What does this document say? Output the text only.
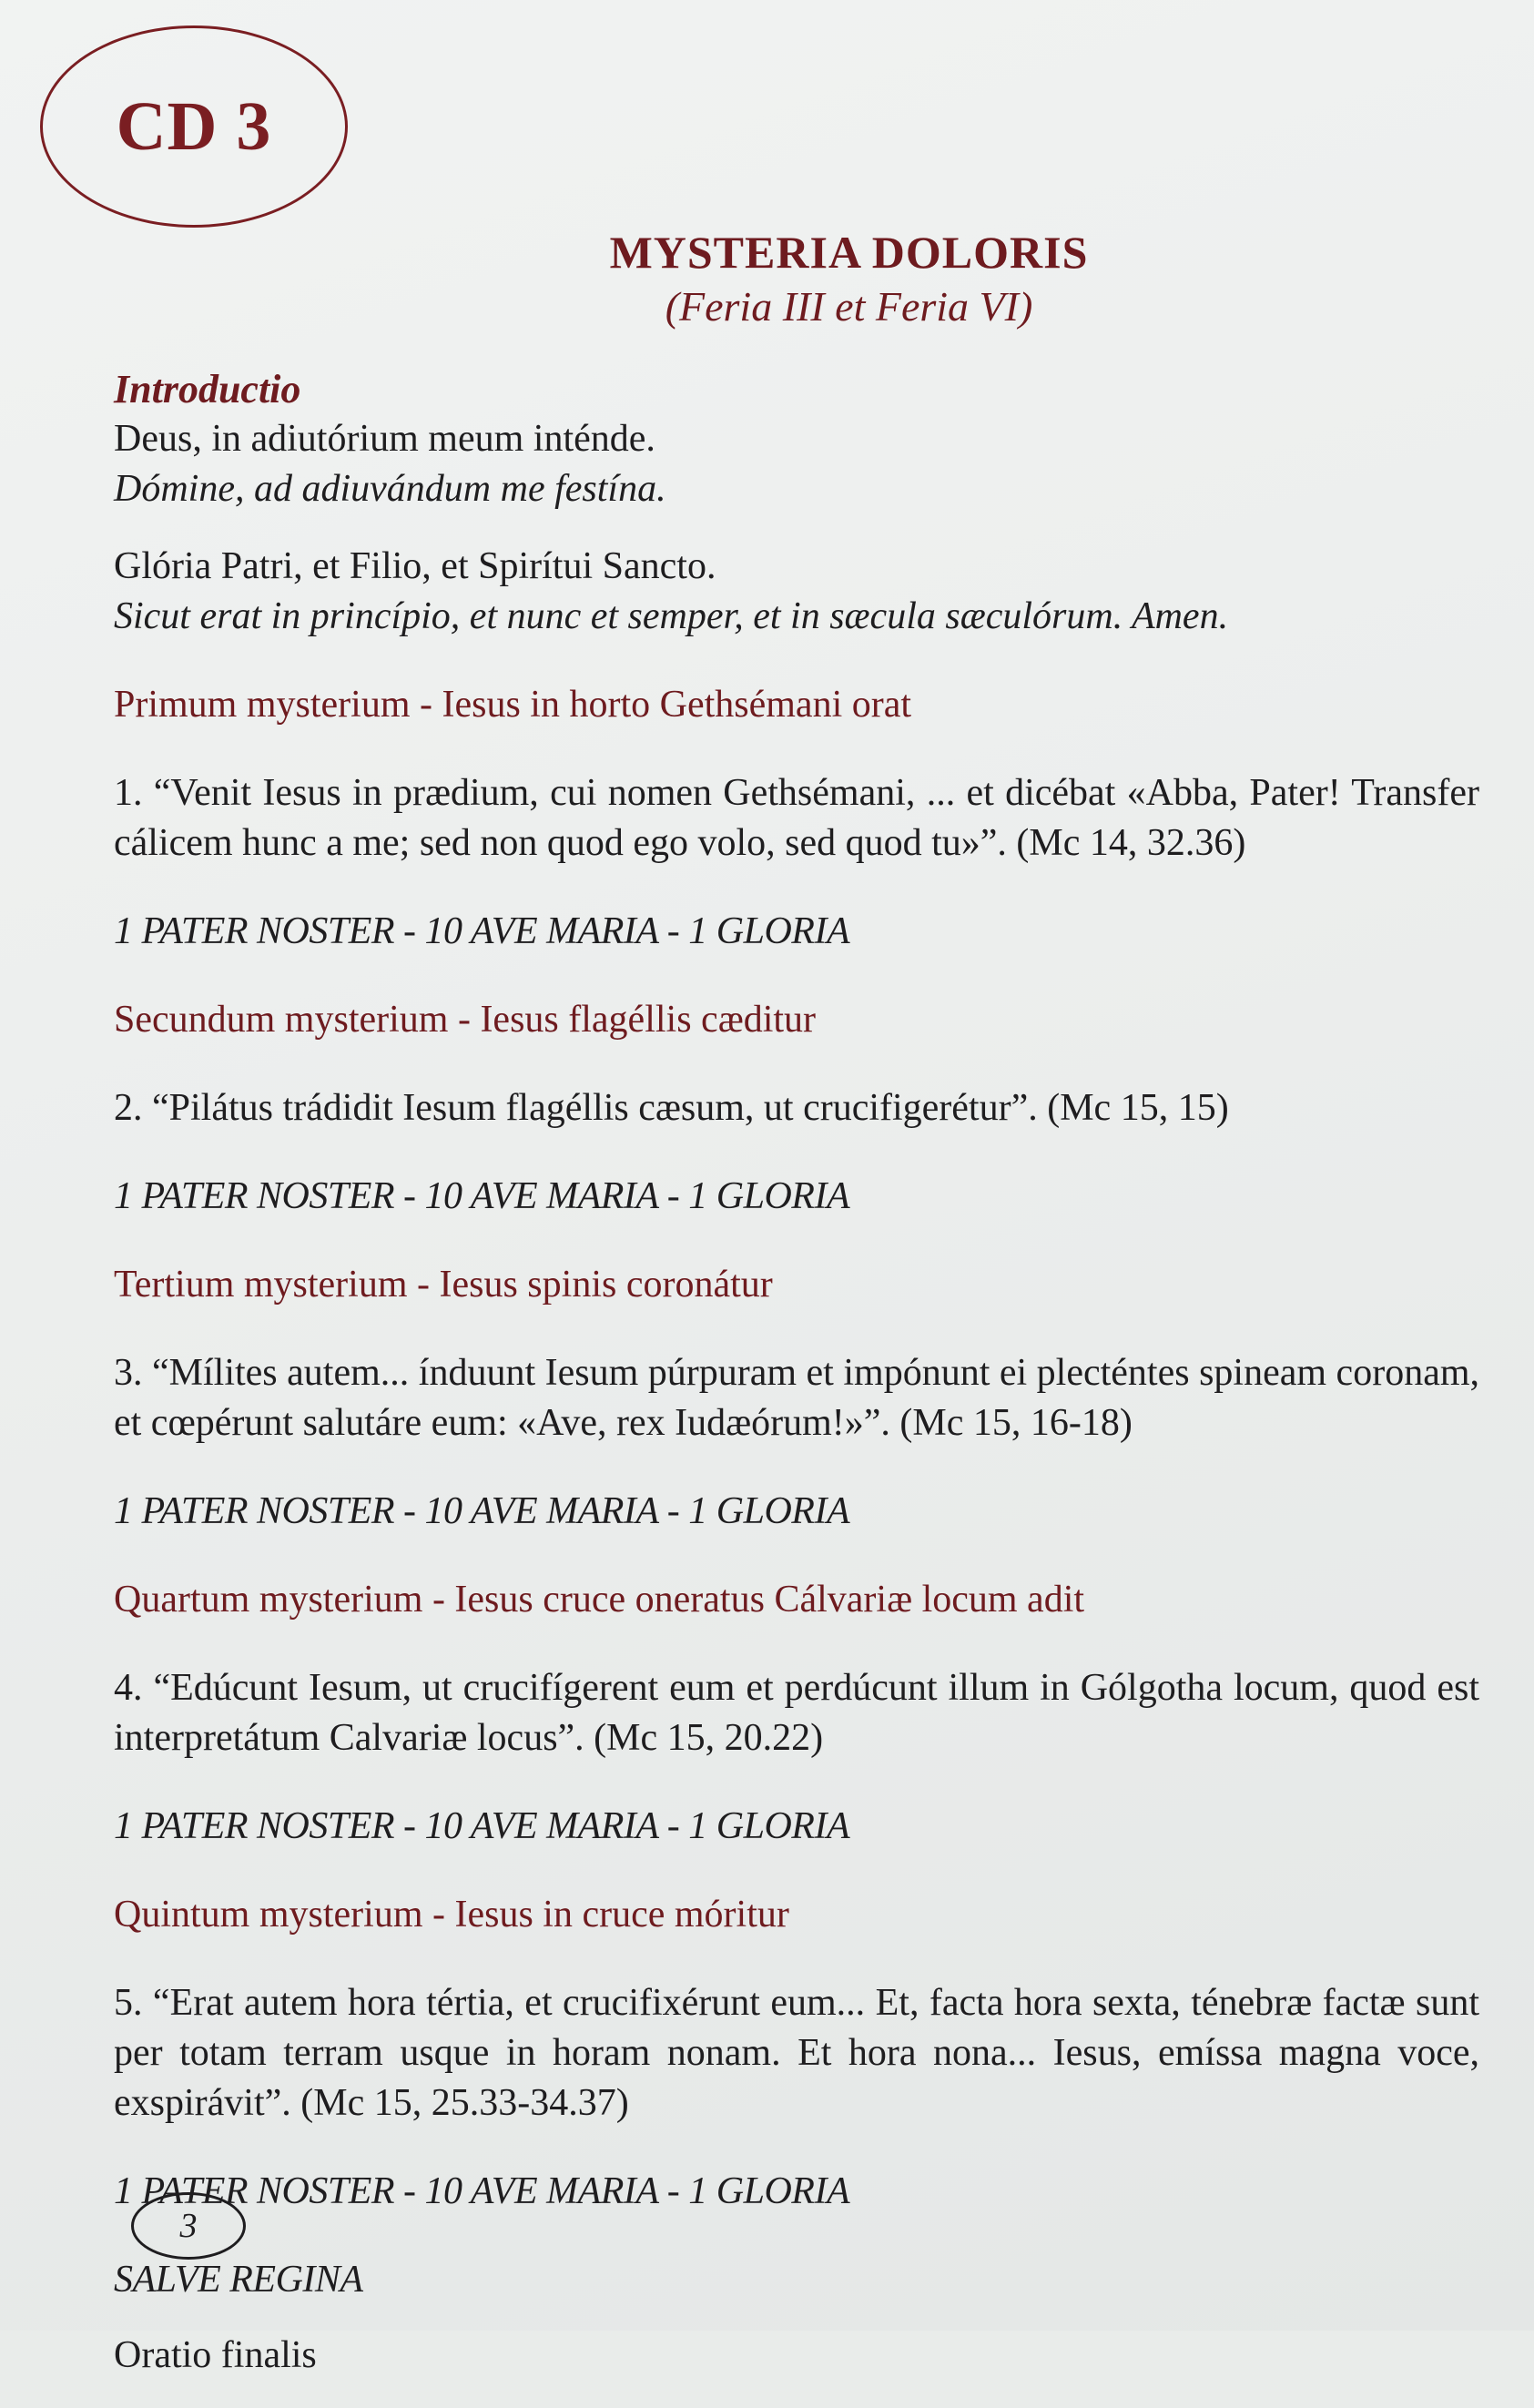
CD 3
MYSTERIA DOLORIS
(Feria III et Feria VI)

Introductio

Deus, in adiutórium meum inténde.

Dómine, ad adiuvándum me festína.

Glória Patri, et Filio, et Spirítui Sancto.

Sicut erat in princípio, et nunc et semper, et in sæcula sæculórum. Amen.

Primum mysterium - Iesus in horto Gethsémani orat

1. “Venit Iesus in prædium, cui nomen Gethsémani, ... et dicébat «Abba, Pater! Transfer cálicem hunc a me; sed non quod ego volo, sed quod tu»”. (Mc 14, 32.36)

1 PATER NOSTER - 10 AVE MARIA - 1 GLORIA

Secundum mysterium - Iesus flagéllis cæditur

2. “Pilátus trádidit Iesum flagéllis cæsum, ut crucifigerétur”. (Mc 15, 15)

1 PATER NOSTER - 10 AVE MARIA - 1 GLORIA

Tertium mysterium - Iesus spinis coronátur

3. “Mílites autem... índuunt Iesum púrpuram et impónunt ei plecténtes spineam coronam, et cœpérunt salutáre eum: «Ave, rex Iudæórum!»”. (Mc 15, 16-18)

1 PATER NOSTER - 10 AVE MARIA - 1 GLORIA

Quartum mysterium - Iesus cruce oneratus Cálvariæ locum adit

4. “Edúcunt Iesum, ut crucifígerent eum et perdúcunt illum in Gólgotha locum, quod est interpretátum Calvariæ locus”. (Mc 15, 20.22)

1 PATER NOSTER - 10 AVE MARIA - 1 GLORIA

Quintum mysterium - Iesus in cruce móritur

5. “Erat autem hora tértia, et crucifixérunt eum... Et, facta hora sexta, ténebræ factæ sunt per totam terram usque in horam nonam. Et hora nona... Iesus, emíssa magna voce, exspirávit”. (Mc 15, 25.33-34.37)

1 PATER NOSTER - 10 AVE MARIA - 1 GLORIA

SALVE REGINA

Oratio finalis

3
